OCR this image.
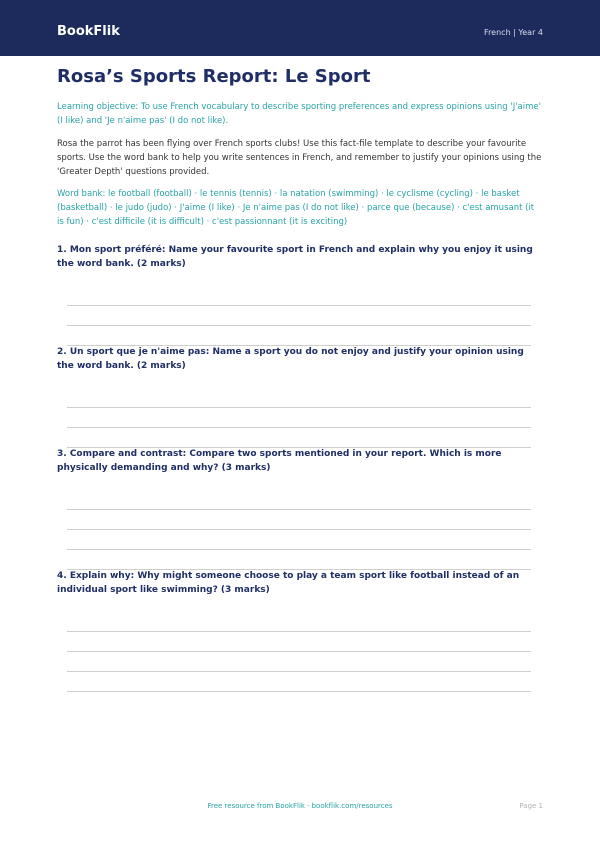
BookFlik	French | Year 4
Rosa’s Sports Report: Le Sport
Learning objective: To use French vocabulary to describe sporting preferences and express opinions using 'J'aime' (I like) and 'Je n'aime pas' (I do not like).
Rosa the parrot has been flying over French sports clubs! Use this fact-file template to describe your favourite sports. Use the word bank to help you write sentences in French, and remember to justify your opinions using the 'Greater Depth' questions provided.
Word bank: le football (football) · le tennis (tennis) · la natation (swimming) · le cyclisme (cycling) · le basket (basketball) · le judo (judo) · J'aime (I like) · Je n'aime pas (I do not like) · parce que (because) · c'est amusant (it is fun) · c'est difficile (it is difficult) · c'est passionnant (it is exciting)
1. Mon sport préféré: Name your favourite sport in French and explain why you enjoy it using the word bank. (2 marks)
2. Un sport que je n'aime pas: Name a sport you do not enjoy and justify your opinion using the word bank. (2 marks)
3. Compare and contrast: Compare two sports mentioned in your report. Which is more physically demanding and why? (3 marks)
4. Explain why: Why might someone choose to play a team sport like football instead of an individual sport like swimming? (3 marks)
Free resource from BookFlik · bookflik.com/resources	Page 1
